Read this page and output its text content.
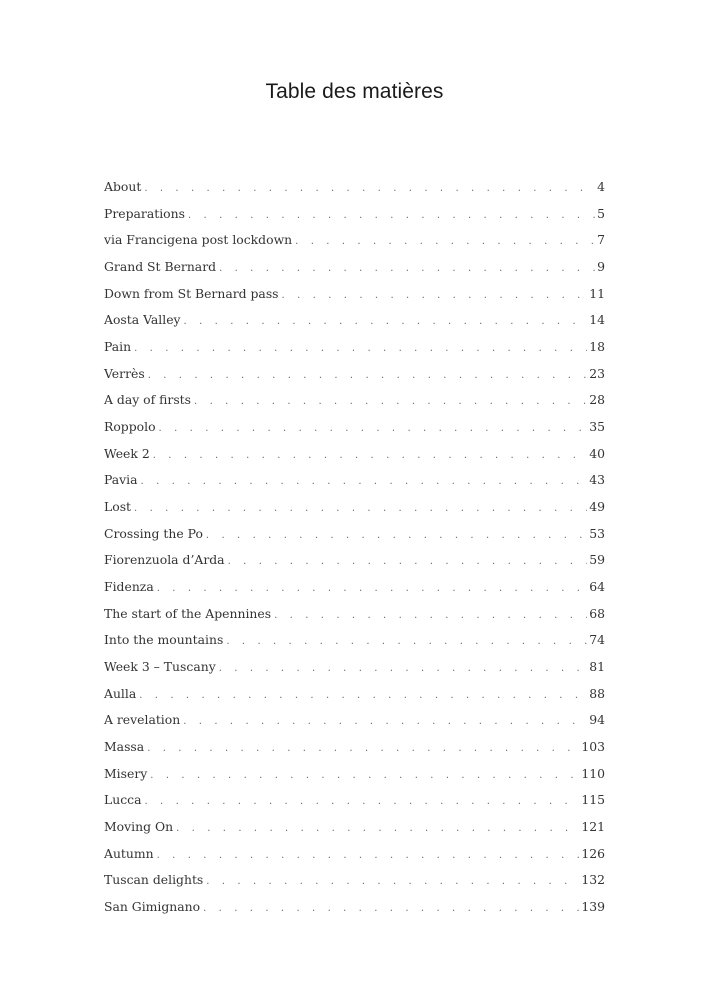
Table des matières
About . . .	4
Preparations . . .	5
via Francigena post lockdown . . .	7
Grand St Bernard . . .	9
Down from St Bernard pass . . .	11
Aosta Valley . . .	14
Pain . . .	18
Verrès . . .	23
A day of firsts . . .	28
Roppolo . . .	35
Week 2 . . .	40
Pavia . . .	43
Lost . . .	49
Crossing the Po . . .	53
Fiorenzuola d’Arda . . .	59
Fidenza . . .	64
The start of the Apennines . . .	68
Into the mountains . . .	74
Week 3 – Tuscany . . .	81
Aulla . . .	88
A revelation . . .	94
Massa . . .	103
Misery . . .	110
Lucca . . .	115
Moving On . . .	121
Autumn . . .	126
Tuscan delights . . .	132
San Gimignano . . .	139
